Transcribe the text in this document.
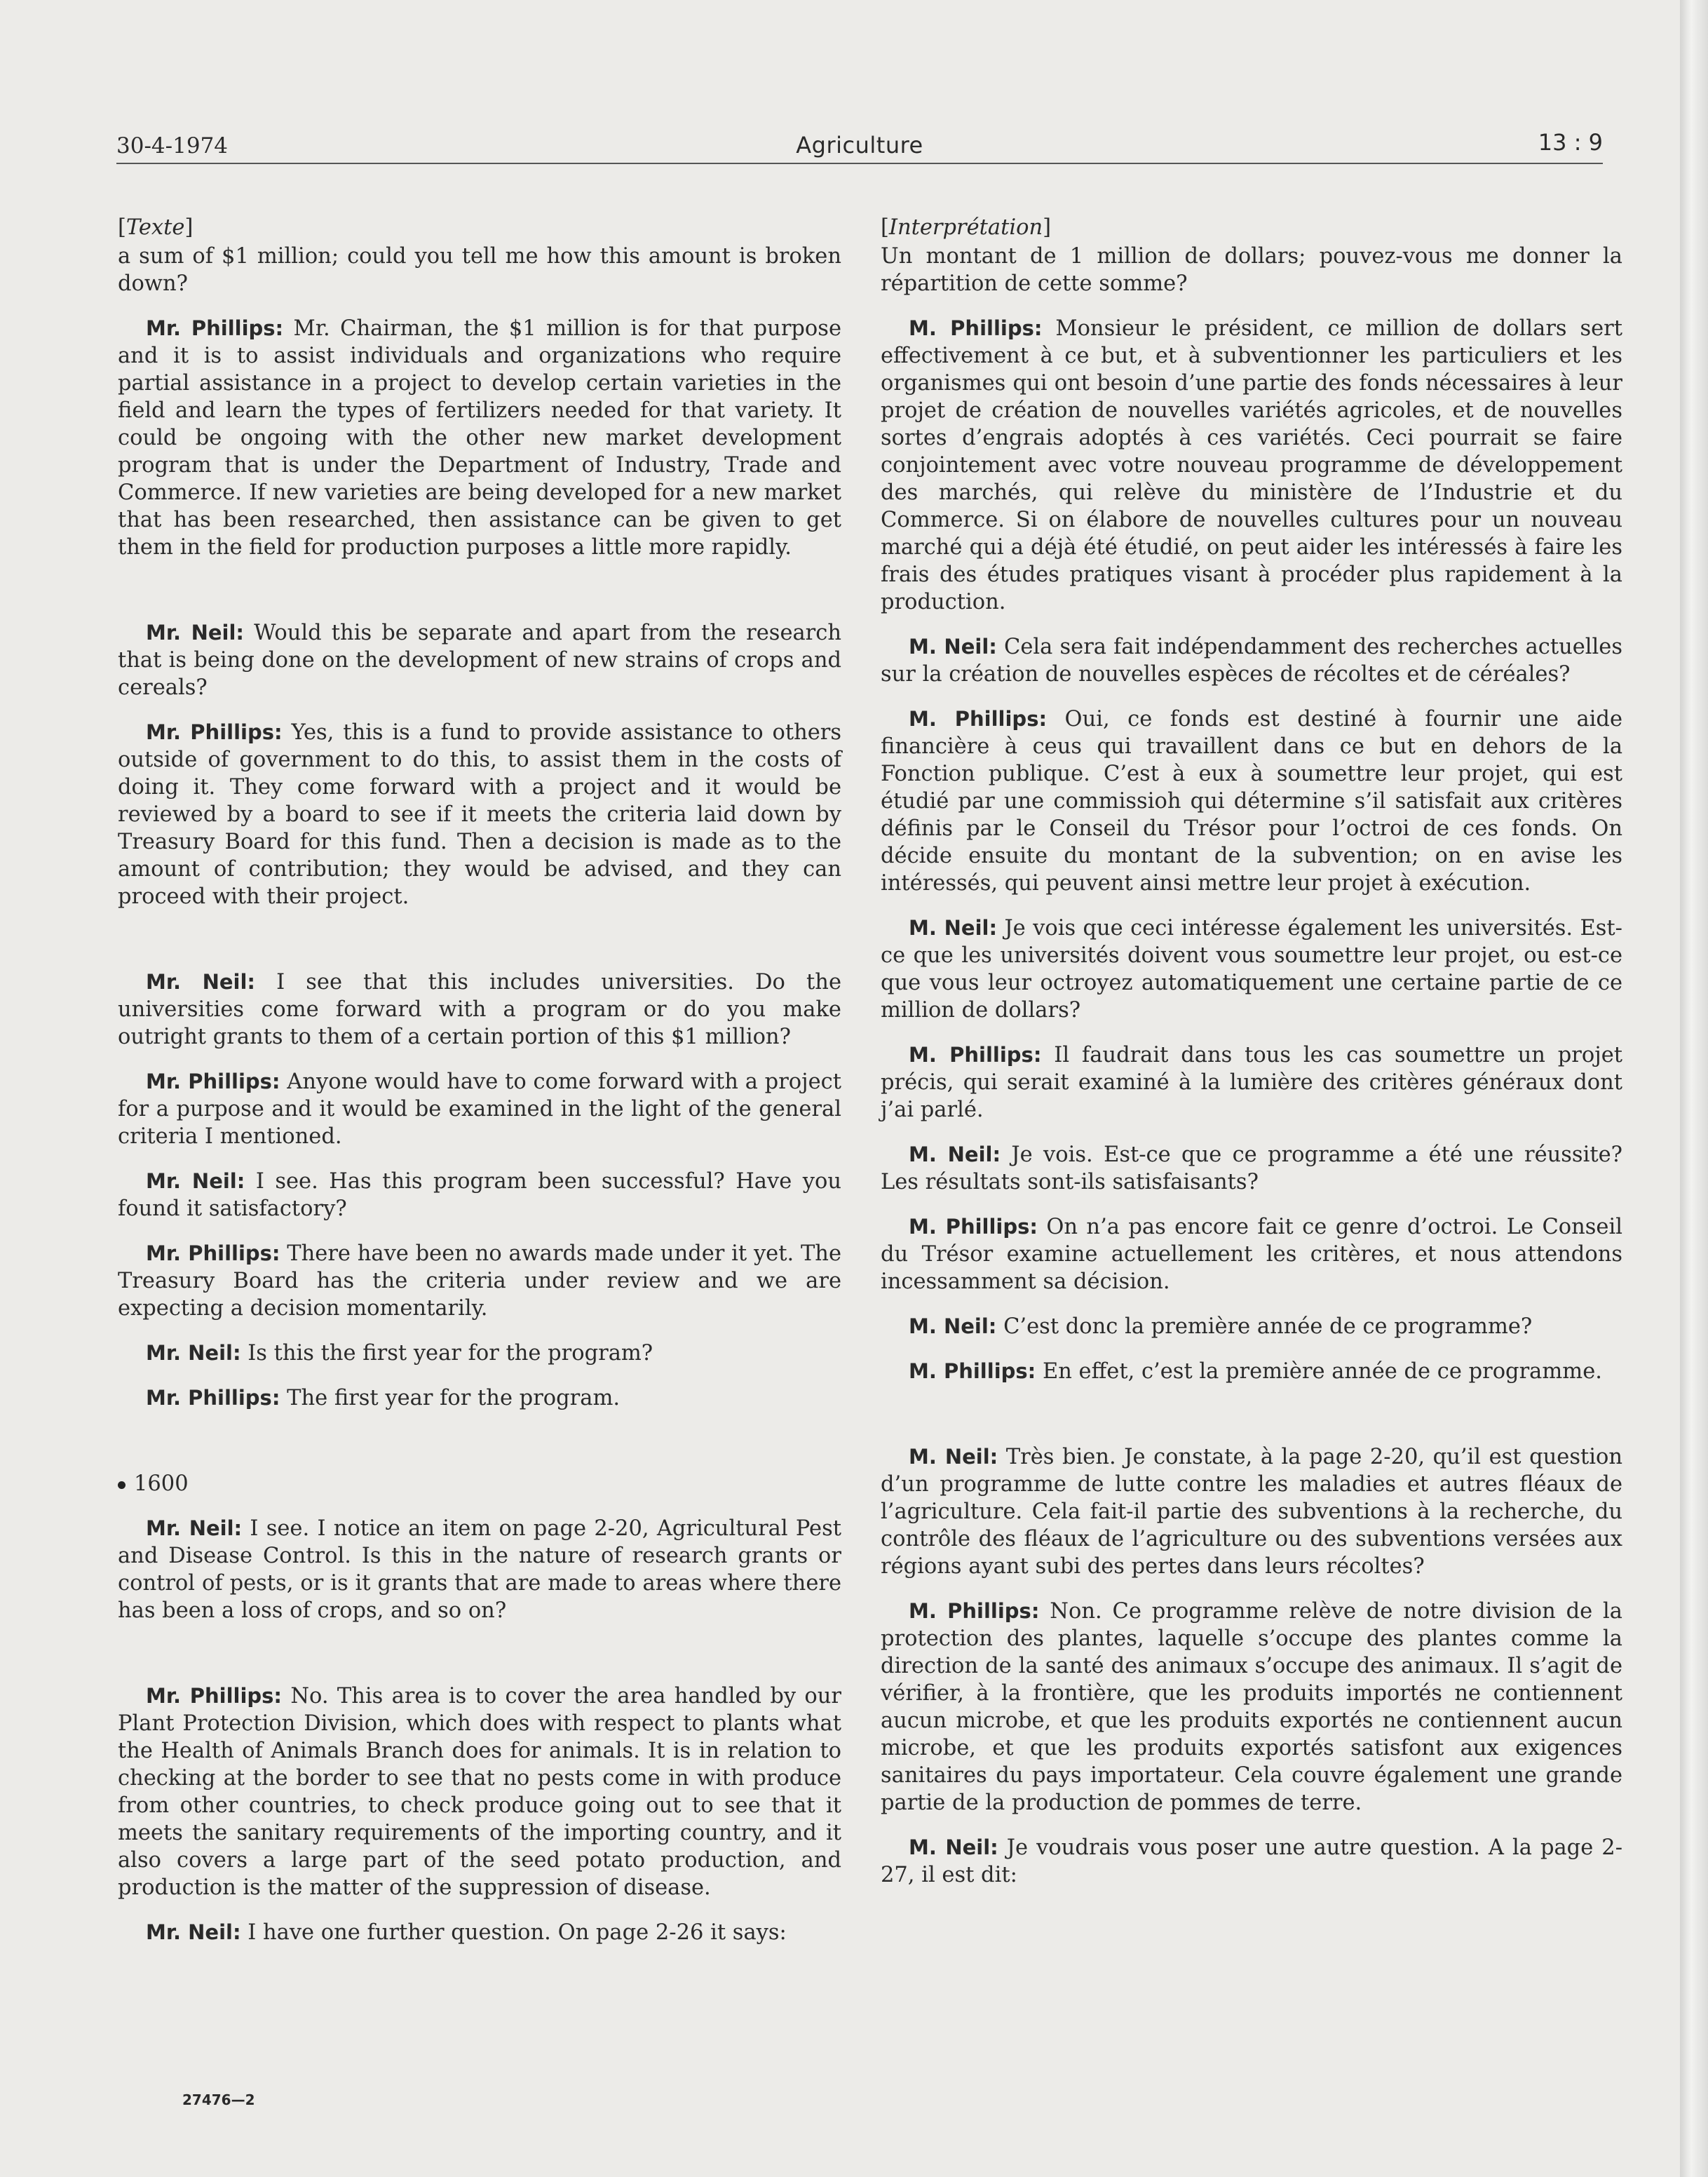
30-4-1974	Agriculture	13 : 9
[Texte]

a sum of $1 million; could you tell me how this amount is broken down?

Mr. Phillips: Mr. Chairman, the $1 million is for that purpose and it is to assist individuals and organizations who require partial assistance in a project to develop certain varieties in the field and learn the types of fertilizers needed for that variety. It could be ongoing with the other new market development program that is under the Department of Industry, Trade and Commerce. If new varieties are being developed for a new market that has been researched, then assistance can be given to get them in the field for production purposes a little more rapidly.

Mr. Neil: Would this be separate and apart from the research that is being done on the development of new strains of crops and cereals?

Mr. Phillips: Yes, this is a fund to provide assistance to others outside of government to do this, to assist them in the costs of doing it. They come forward with a project and it would be reviewed by a board to see if it meets the criteria laid down by Treasury Board for this fund. Then a decision is made as to the amount of contribution; they would be advised, and they can proceed with their project.

Mr. Neil: I see that this includes universities. Do the universities come forward with a program or do you make outright grants to them of a certain portion of this $1 million?

Mr. Phillips: Anyone would have to come forward with a project for a purpose and it would be examined in the light of the general criteria I mentioned.

Mr. Neil: I see. Has this program been successful? Have you found it satisfactory?

Mr. Phillips: There have been no awards made under it yet. The Treasury Board has the criteria under review and we are expecting a decision momentarily.

Mr. Neil: Is this the first year for the program?

Mr. Phillips: The first year for the program.

1600

Mr. Neil: I see. I notice an item on page 2-20, Agricultural Pest and Disease Control. Is this in the nature of research grants or control of pests, or is it grants that are made to areas where there has been a loss of crops, and so on?

Mr. Phillips: No. This area is to cover the area handled by our Plant Protection Division, which does with respect to plants what the Health of Animals Branch does for animals. It is in relation to checking at the border to see that no pests come in with produce from other countries, to check produce going out to see that it meets the sanitary requirements of the importing country, and it also covers a large part of the seed potato production, and production is the matter of the suppression of disease.

Mr. Neil: I have one further question. On page 2-26 it says:

[Interprétation]

Un montant de 1 million de dollars; pouvez-vous me donner la répartition de cette somme?

M. Phillips: Monsieur le président, ce million de dollars sert effectivement à ce but, et à subventionner les particuliers et les organismes qui ont besoin d’une partie des fonds nécessaires à leur projet de création de nouvelles variétés agricoles, et de nouvelles sortes d’engrais adoptés à ces variétés. Ceci pourrait se faire conjointement avec votre nouveau programme de développement des marchés, qui relève du ministère de l’Industrie et du Commerce. Si on élabore de nouvelles cultures pour un nouveau marché qui a déjà été étudié, on peut aider les intéressés à faire les frais des études pratiques visant à procéder plus rapidement à la production.

M. Neil: Cela sera fait indépendamment des recherches actuelles sur la création de nouvelles espèces de récoltes et de céréales?

M. Phillips: Oui, ce fonds est destiné à fournir une aide financière à ceus qui travaillent dans ce but en dehors de la Fonction publique. C’est à eux à soumettre leur projet, qui est étudié par une commissioh qui détermine s’il satisfait aux critères définis par le Conseil du Trésor pour l’octroi de ces fonds. On décide ensuite du montant de la subvention; on en avise les intéressés, qui peuvent ainsi mettre leur projet à exécution.

M. Neil: Je vois que ceci intéresse également les universités. Est-ce que les universités doivent vous soumettre leur projet, ou est-ce que vous leur octroyez automatiquement une certaine partie de ce million de dollars?

M. Phillips: Il faudrait dans tous les cas soumettre un projet précis, qui serait examiné à la lumière des critères généraux dont j’ai parlé.

M. Neil: Je vois. Est-ce que ce programme a été une réussite? Les résultats sont-ils satisfaisants?

M. Phillips: On n’a pas encore fait ce genre d’octroi. Le Conseil du Trésor examine actuellement les critères, et nous attendons incessamment sa décision.

M. Neil: C’est donc la première année de ce programme?

M. Phillips: En effet, c’est la première année de ce programme.

M. Neil: Très bien. Je constate, à la page 2-20, qu’il est question d’un programme de lutte contre les maladies et autres fléaux de l’agriculture. Cela fait-il partie des subventions à la recherche, du contrôle des fléaux de l’agriculture ou des subventions versées aux régions ayant subi des pertes dans leurs récoltes?

M. Phillips: Non. Ce programme relève de notre division de la protection des plantes, laquelle s’occupe des plantes comme la direction de la santé des animaux s’occupe des animaux. Il s’agit de vérifier, à la frontière, que les produits importés ne contiennent aucun microbe, et que les produits exportés ne contiennent aucun microbe, et que les produits exportés satisfont aux exigences sanitaires du pays importateur. Cela couvre également une grande partie de la production de pommes de terre.

M. Neil: Je voudrais vous poser une autre question. A la page 2-27, il est dit:

27476—2
